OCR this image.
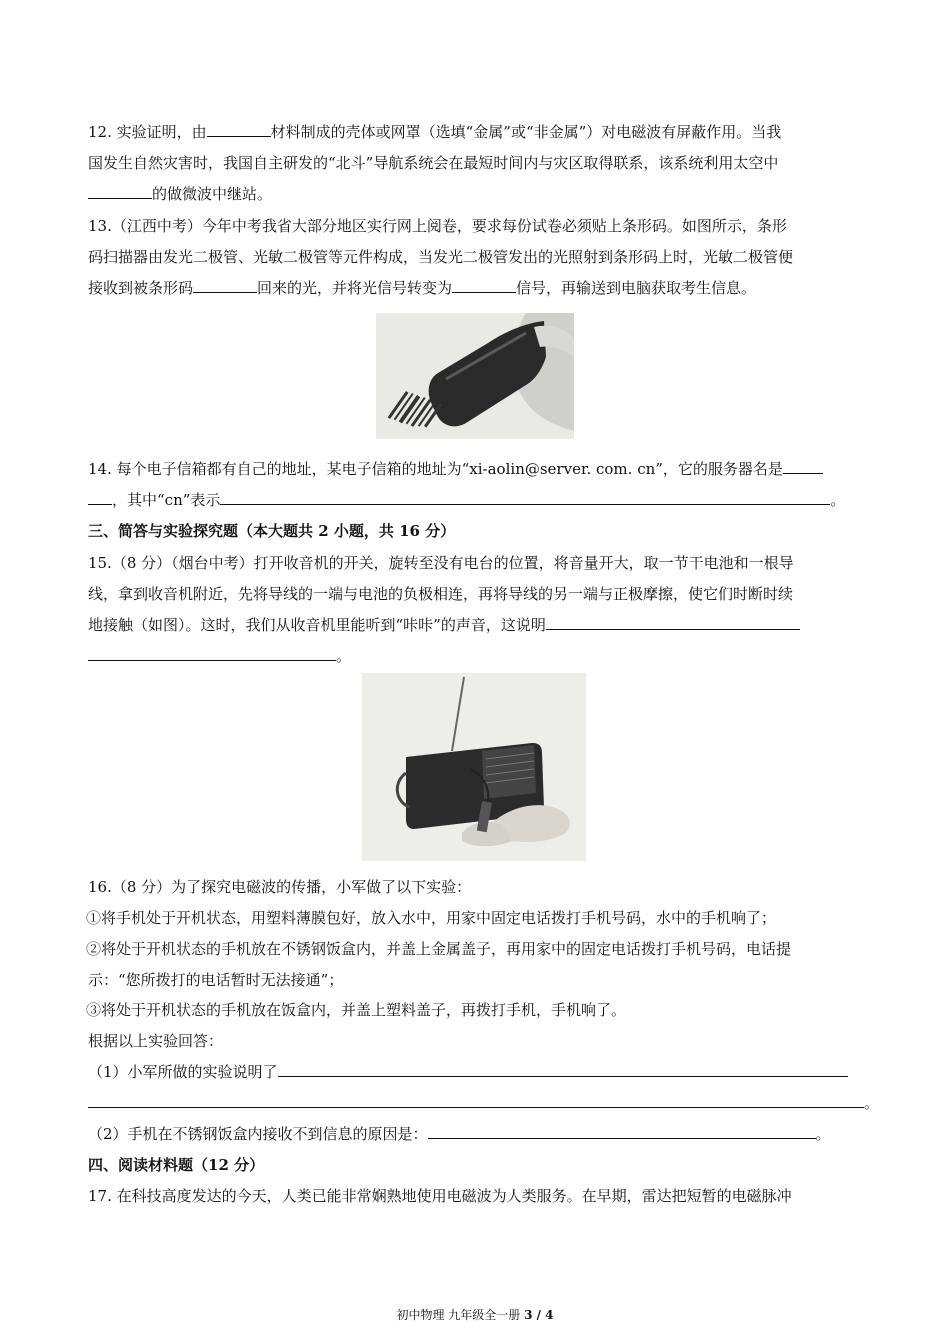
12. 实验证明，由	材料制成的壳体或网罩（选填“金属”或“非金属”）对电磁波有屏蔽作用。当我
国发生自然灾害时，我国自主研发的“北斗”导航系统会在最短时间内与灾区取得联系，该系统利用太空中
的做微波中继站。
13.（江西中考）今年中考我省大部分地区实行网上阅卷，要求每份试卷必须贴上条形码。如图所示，条形
码扫描器由发光二极管、光敏二极管等元件构成，当发光二极管发出的光照射到条形码上时，光敏二极管便
接收到被条形码	回来的光，并将光信号转变为	信号，再输送到电脑获取考生信息。
14. 每个电子信箱都有自己的地址，某电子信箱的地址为“xi-aolin@server. com. cn”，它的服务器名是
，其中“cn”表示	。
三、简答与实验探究题（本大题共 2 小题，共 16 分）
15.（8 分）（烟台中考）打开收音机的开关，旋转至没有电台的位置，将音量开大，取一节干电池和一根导
线，拿到收音机附近，先将导线的一端与电池的负极相连，再将导线的另一端与正极摩擦，使它们时断时续
地接触（如图）。这时，我们从收音机里能听到“咔咔”的声音，这说明
。
16.（8 分）为了探究电磁波的传播，小军做了以下实验：
①将手机处于开机状态，用塑料薄膜包好，放入水中，用家中固定电话拨打手机号码，水中的手机响了；
②将处于开机状态的手机放在不锈钢饭盒内，并盖上金属盖子，再用家中的固定电话拨打手机号码，电话提
示：“您所拨打的电话暂时无法接通”；
③将处于开机状态的手机放在饭盒内，并盖上塑料盖子，再拨打手机，手机响了。
根据以上实验回答：
（1）小军所做的实验说明了
。
（2）手机在不锈钢饭盒内接收不到信息的原因是：	。
四、阅读材料题（12 分）
17. 在科技高度发达的今天，人类已能非常娴熟地使用电磁波为人类服务。在早期，雷达把短暂的电磁脉冲
初中物理 九年级全一册 3 / 4
